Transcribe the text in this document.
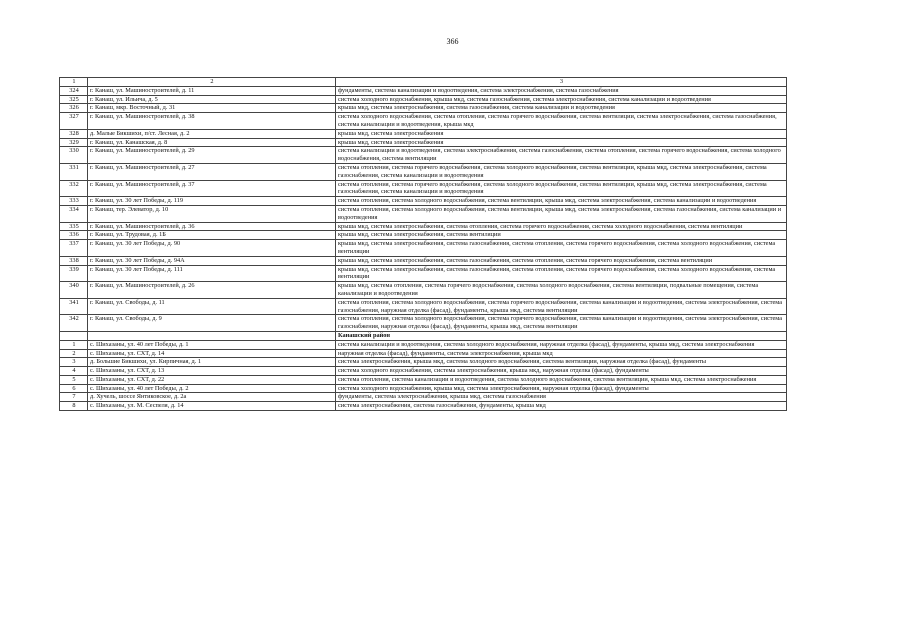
366
1	2	3
324	г. Канаш, ул. Машиностроителей, д. 11	фундаменты, система канализации и водоотведения, система электроснабжения, система газоснабжения
325	г. Канаш, ул. Ильича, д. 5	система холодного водоснабжения, крыша мкд, система газоснабжения, система электроснабжения, система канализации и водоотведения
326	г. Канаш, мкр. Восточный, д. 31	крыша мкд, система электроснабжения, система газоснабжения, система канализации и водоотведения
327	г. Канаш, ул. Машиностроителей, д. 38	система холодного водоснабжения, система отопления, система горячего водоснабжения, система вентиляции, система электроснабжения, система газоснабжения, система канализации и водоотведения, крыша мкд
328	д. Малые Бикшихи, п/ст. Лесная, д. 2	крыша мкд, система электроснабжения
329	г. Канаш, ул. Канашская, д. 8	крыша мкд, система электроснабжения
330	г. Канаш, ул. Машиностроителей, д. 29	система канализации и водоотведения, система электроснабжения, система газоснабжения, система отопления, система горячего водоснабжения, система холодного водоснабжения, система вентиляции
331	г. Канаш, ул. Машиностроителей, д. 27	система отопления, система горячего водоснабжения, система холодного водоснабжения, система вентиляции, крыша мкд, система электроснабжения, система газоснабжения, система канализации и водоотведения
332	г. Канаш, ул. Машиностроителей, д. 37	система отопления, система горячего водоснабжения, система холодного водоснабжения, система вентиляции, крыша мкд, система электроснабжения, система газоснабжения, система канализации и водоотведения
333	г. Канаш, ул. 30 лет Победы, д. 119	система отопления, система холодного водоснабжения, система вентиляции, крыша мкд, система электроснабжения, система канализации и водоотведения
334	г. Канаш, тер. Элеватор, д. 10	система отопления, система холодного водоснабжения, система вентиляции, крыша мкд, система электроснабжения, система газоснабжения, система канализации и водоотведения
335	г. Канаш, ул. Машиностроителей, д. 36	крыша мкд, система электроснабжения, система отопления, система горячего водоснабжения, система холодного водоснабжения, система вентиляции
336	г. Канаш, ул. Трудовая, д. 1Б	крыша мкд, система электроснабжения, система вентиляции
337	г. Канаш, ул. 30 лет Победы, д. 90	крыша мкд, система электроснабжения, система газоснабжения, система отопления, система горячего водоснабжения, система холодного водоснабжения, система вентиляции
338	г. Канаш, ул. 30 лет Победы, д. 94А	крыша мкд, система электроснабжения, система газоснабжения, система отопления, система горячего водоснабжения, система вентиляции
339	г. Канаш, ул. 30 лет Победы, д. 111	крыша мкд, система электроснабжения, система газоснабжения, система отопления, система горячего водоснабжения, система холодного водоснабжения, система вентиляции
340	г. Канаш, ул. Машиностроителей, д. 26	крыша мкд, система отопления, система горячего водоснабжения, система холодного водоснабжения, система вентиляции, подвальные помещения, система канализации и водоотведения
341	г. Канаш, ул. Свободы, д. 11	система отопления, система холодного водоснабжения, система горячего водоснабжения, система канализации и водоотведения, система электроснабжения, система газоснабжения, наружная отделка (фасад), фундаменты, крыша мкд, система вентиляции
342	г. Канаш, ул. Свободы, д. 9	система отопления, система холодного водоснабжения, система горячего водоснабжения, система канализации и водоотведения, система электроснабжения, система газоснабжения, наружная отделка (фасад), фундаменты, крыша мкд, система вентиляции
		Канашский район
1	с. Шихазаны, ул. 40 лет Победы, д. 1	система канализации и водоотведения, система холодного водоснабжения, наружная отделка (фасад), фундаменты, крыша мкд, система электроснабжения
2	с. Шихазаны, ул. СХТ, д. 14	наружная отделка (фасад), фундаменты, система электроснабжения, крыша мкд
3	д. Большие Бикшихи, ул. Кирпичная, д. 1	система электроснабжения, крыша мкд, система холодного водоснабжения, система вентиляции, наружная отделка (фасад), фундаменты
4	с. Шихазаны, ул. СХТ, д. 13	система холодного водоснабжения, система электроснабжения, крыша мкд, наружная отделка (фасад), фундаменты
5	с. Шихазаны, ул. СХТ, д. 22	система отопления, система канализации и водоотведения, система холодного водоснабжения, система вентиляции, крыша мкд, система электроснабжения
6	с. Шихазаны, ул. 40 лет Победы, д. 2	система холодного водоснабжения, крыша мкд, система электроснабжения, наружная отделка (фасад), фундаменты
7	д. Хучель, шоссе Янтиковское, д. 2а	фундаменты, система электроснабжения, крыша мкд, система газоснабжения
8	с. Шихазаны, ул. М. Сеспеля, д. 14	система электроснабжения, система газоснабжения, фундаменты, крыша мкд
